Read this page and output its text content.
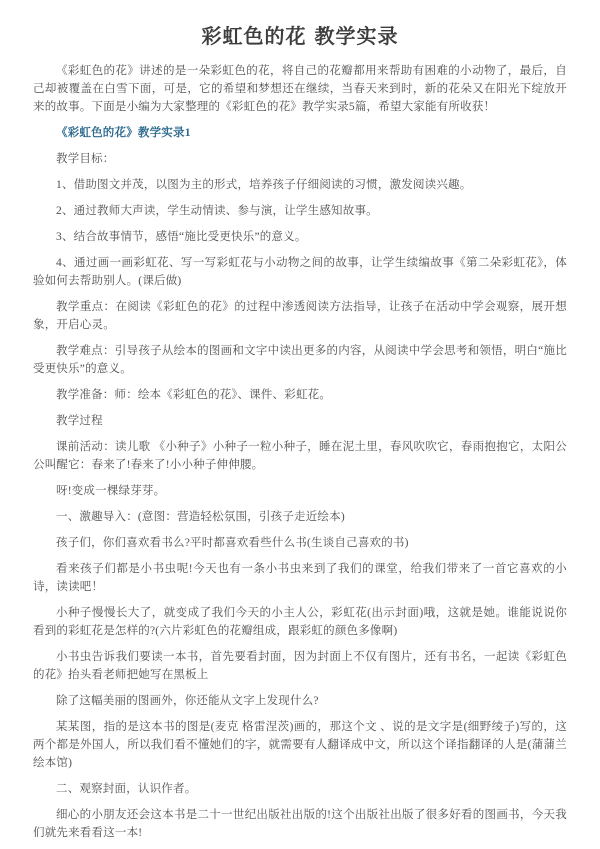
彩虹色的花 教学实录

《彩虹色的花》讲述的是一朵彩虹色的花，将自己的花瓣都用来帮助有困难的小动物了，最后，自己却被覆盖在白雪下面，可是，它的希望和梦想还在继续，当春天来到时，新的花朵又在阳光下绽放开来的故事。下面是小编为大家整理的《彩虹色的花》教学实录5篇，希望大家能有所收获！

《彩虹色的花》教学实录1

教学目标：

1、借助图文并茂，以图为主的形式，培养孩子仔细阅读的习惯，激发阅读兴趣。

2、通过教师大声读，学生动情读、参与演，让学生感知故事。

3、结合故事情节，感悟“施比受更快乐”的意义。

4、通过画一画彩虹花、写一写彩虹花与小动物之间的故事，让学生续编故事《第二朵彩虹花》，体验如何去帮助别人。(课后做)

教学重点：在阅读《彩虹色的花》的过程中渗透阅读方法指导，让孩子在活动中学会观察，展开想象，开启心灵。

教学难点：引导孩子从绘本的图画和文字中读出更多的内容，从阅读中学会思考和领悟，明白“施比受更快乐”的意义。

教学准备：师：绘本《彩虹色的花》、课件、彩虹花。

教学过程

课前活动：读儿歌 《小种子》小种子一粒小种子，睡在泥土里，春风吹吹它，春雨抱抱它，太阳公公叫醒它：春来了!春来了!小小种子伸伸腰。

呀!变成一棵绿芽芽。

一、激趣导入：(意图：营造轻松氛围，引孩子走近绘本)

孩子们，你们喜欢看书么?平时都喜欢看些什么书(生谈自己喜欢的书)

看来孩子们都是小书虫呢!今天也有一条小书虫来到了我们的课堂，给我们带来了一首它喜欢的小诗，读读吧！

小种子慢慢长大了，就变成了我们今天的小主人公，彩虹花(出示封面)哦，这就是她。谁能说说你看到的彩虹花是怎样的?(六片彩虹色的花瓣组成，跟彩虹的颜色多像啊)

小书虫告诉我们要读一本书，首先要看封面，因为封面上不仅有图片，还有书名，一起读《彩虹色的花》抬头看老师把她写在黑板上

除了这幅美丽的图画外，你还能从文字上发现什么?

某某图，指的是这本书的图是(麦克 格雷涅茨)画的，那这个文 、说的是文字是(细野绫子)写的，这两个都是外国人，所以我们看不懂她们的字，就需要有人翻译成中文，所以这个译指翻译的人是(蒲蒲兰绘本馆)

二、观察封面，认识作者。

细心的小朋友还会这本书是二十一世纪出版社出版的!这个出版社出版了很多好看的图画书，今天我们就先来看看这一本!
